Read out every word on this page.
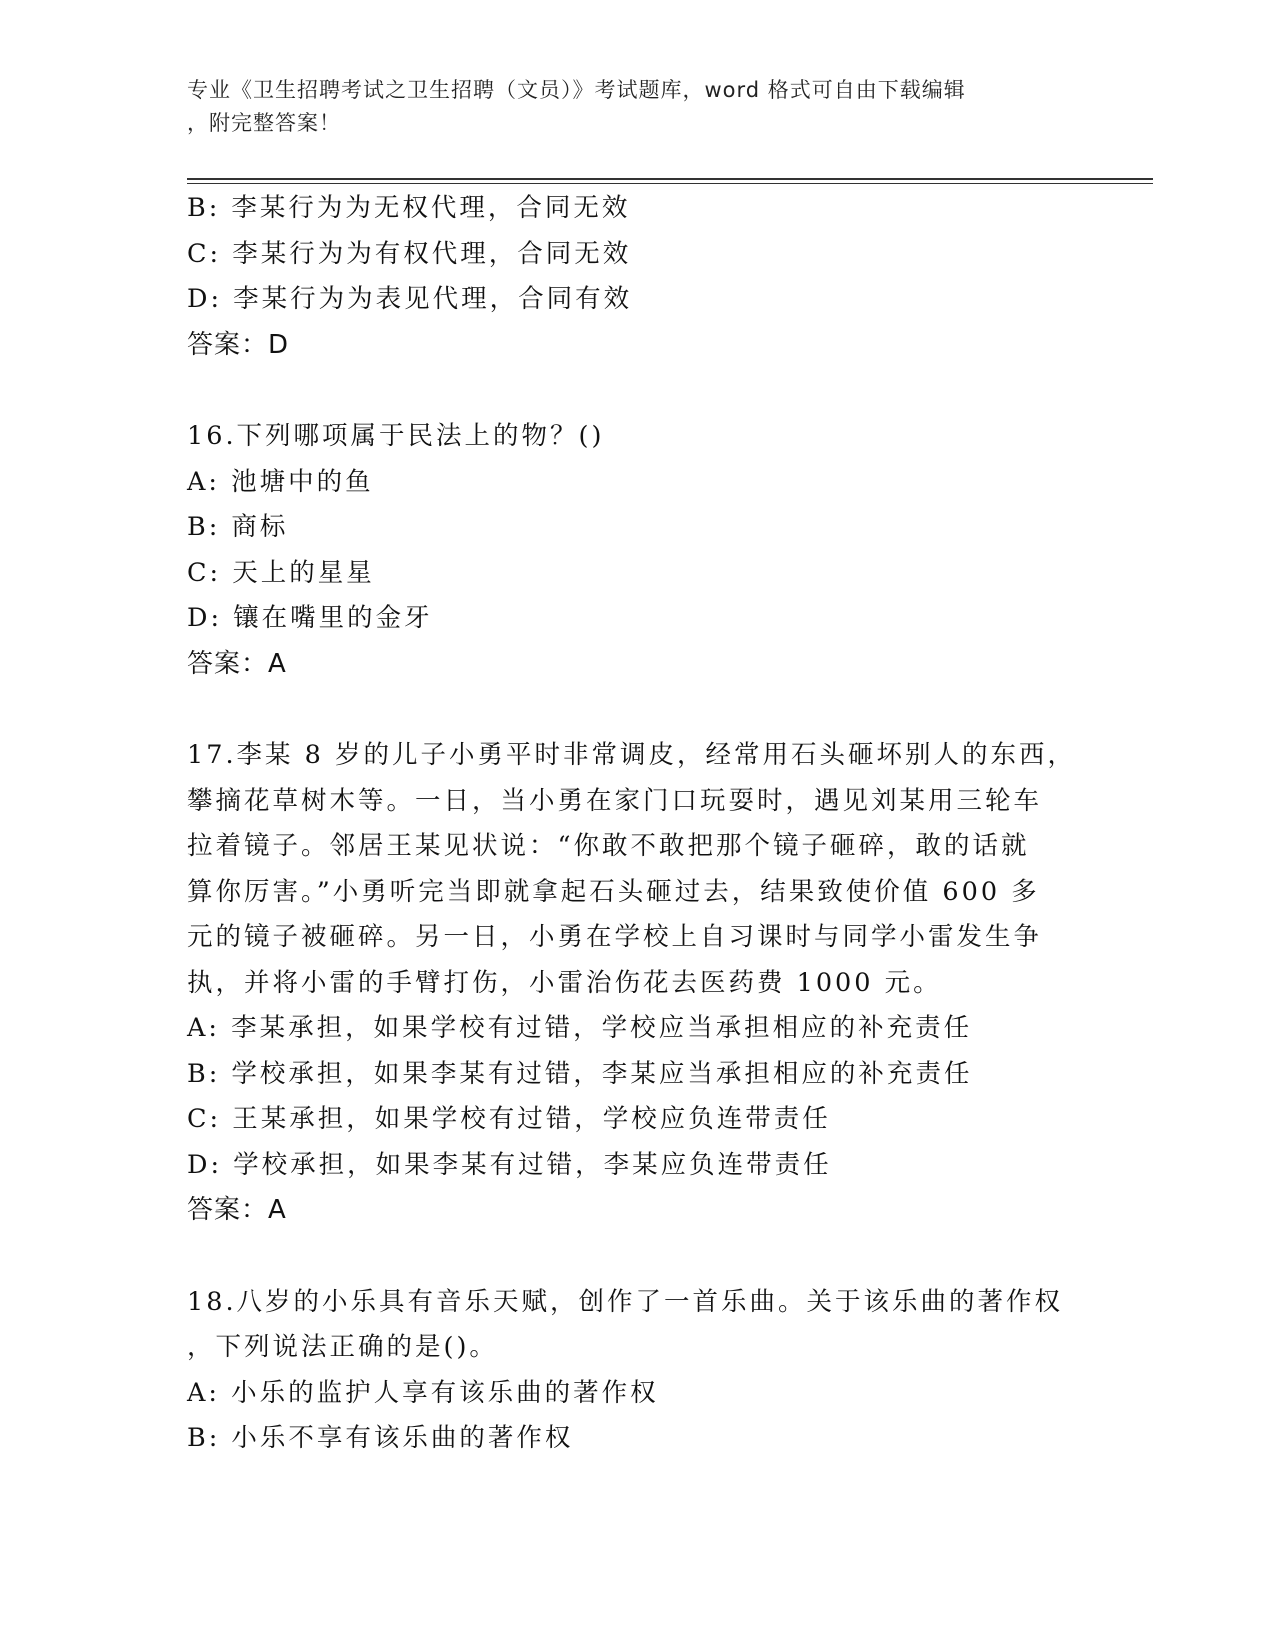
专业《卫生招聘考试之卫生招聘（文员）》考试题库，word 格式可自由下载编辑
，附完整答案！
B: 李某行为为无权代理，合同无效
C: 李某行为为有权代理，合同无效
D: 李某行为为表见代理，合同有效
答案：D
16.下列哪项属于民法上的物？()
A: 池塘中的鱼
B: 商标
C: 天上的星星
D: 镶在嘴里的金牙
答案：A
17.李某 8 岁的儿子小勇平时非常调皮，经常用石头砸坏别人的东西，
攀摘花草树木等。一日，当小勇在家门口玩耍时，遇见刘某用三轮车
拉着镜子。邻居王某见状说：“你敢不敢把那个镜子砸碎，敢的话就
算你厉害。”小勇听完当即就拿起石头砸过去，结果致使价值 600 多
元的镜子被砸碎。另一日，小勇在学校上自习课时与同学小雷发生争
执，并将小雷的手臂打伤，小雷治伤花去医药费 1000 元。
A: 李某承担，如果学校有过错，学校应当承担相应的补充责任
B: 学校承担，如果李某有过错，李某应当承担相应的补充责任
C: 王某承担，如果学校有过错，学校应负连带责任
D: 学校承担，如果李某有过错，李某应负连带责任
答案：A
18.八岁的小乐具有音乐天赋，创作了一首乐曲。关于该乐曲的著作权
，下列说法正确的是()。
A: 小乐的监护人享有该乐曲的著作权
B: 小乐不享有该乐曲的著作权
